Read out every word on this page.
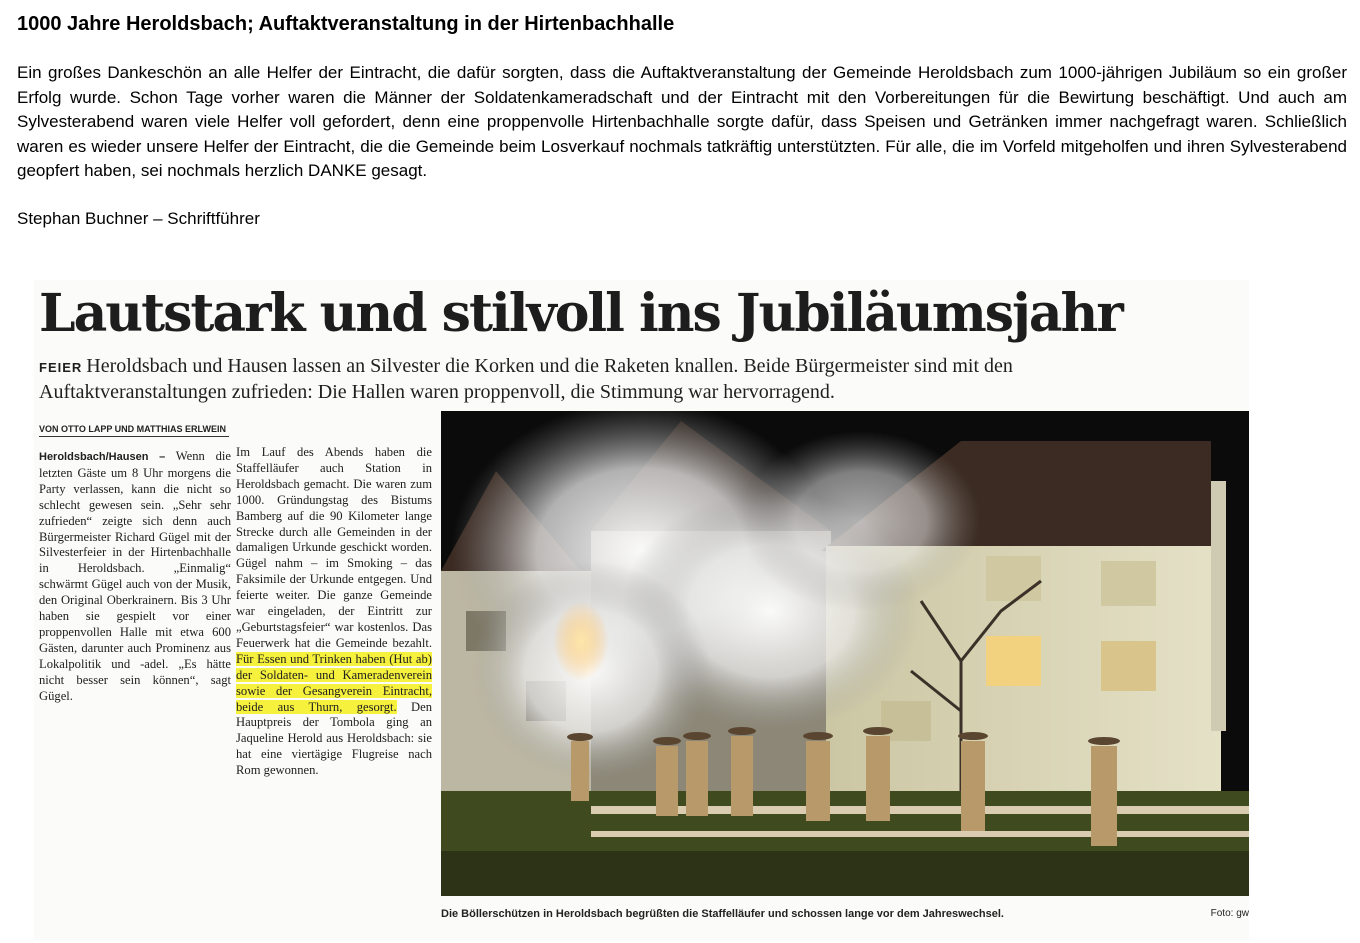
1000 Jahre Heroldsbach; Auftaktveranstaltung in der Hirtenbachhalle
Ein großes Dankeschön an alle Helfer der Eintracht, die dafür sorgten, dass die Auftaktveranstaltung der Gemeinde Heroldsbach zum 1000-jährigen Jubiläum so ein großer Erfolg wurde. Schon Tage vorher waren die Männer der Soldatenkameradschaft und der Eintracht mit den Vorbereitungen für die Bewirtung beschäftigt. Und auch am Sylvesterabend waren viele Helfer voll gefordert, denn eine proppenvolle Hirtenbachhalle sorgte dafür, dass Speisen und Getränken immer nachgefragt waren. Schließlich waren es wieder unsere Helfer der Eintracht, die die Gemeinde beim Losverkauf nochmals tatkräftig unterstützten. Für alle, die im Vorfeld mitgeholfen und ihren Sylvesterabend geopfert haben, sei nochmals herzlich DANKE gesagt.
Stephan Buchner – Schriftführer
Lautstark und stilvoll ins Jubiläumsjahr
FEIER Heroldsbach und Hausen lassen an Silvester die Korken und die Raketen knallen. Beide Bürgermeister sind mit den Auftaktveranstaltungen zufrieden: Die Hallen waren proppenvoll, die Stimmung war hervorragend.
VON OTTO LAPP UND MATTHIAS ERLWEIN
Heroldsbach/Hausen – Wenn die letzten Gäste um 8 Uhr morgens die Party verlassen, kann die nicht so schlecht gewesen sein. „Sehr sehr zufrieden“ zeigte sich denn auch Bürgermeister Richard Gügel mit der Silvesterfeier in der Hirtenbachhalle in Heroldsbach. „Einmalig“ schwärmt Gügel auch von der Musik, den Original Oberkrainern. Bis 3 Uhr haben sie gespielt vor einer proppenvollen Halle mit etwa 600 Gästen, darunter auch Prominenz aus Lokalpolitik und -adel. „Es hätte nicht besser sein können“, sagt Gügel.
Im Lauf des Abends haben die Staffelläufer auch Station in Heroldsbach gemacht. Die waren zum 1000. Gründungstag des Bistums Bamberg auf die 90 Kilometer lange Strecke durch alle Gemeinden in der damaligen Urkunde geschickt worden. Gügel nahm – im Smoking – das Faksimile der Urkunde entgegen. Und feierte weiter. Die ganze Gemeinde war eingeladen, der Eintritt zur „Geburtstagsfeier“ war kostenlos. Das Feuerwerk hat die Gemeinde bezahlt. Für Essen und Trinken haben (Hut ab) der Soldaten- und Kameradenverein sowie der Gesangverein Eintracht, beide aus Thurn, gesorgt. Den Hauptpreis der Tombola ging an Jaqueline Herold aus Heroldsbach: sie hat eine viertägige Flugreise nach Rom gewonnen.
Die Böllerschützen in Heroldsbach begrüßten die Staffelläufer und schossen lange vor dem Jahreswechsel.	Foto: gw
